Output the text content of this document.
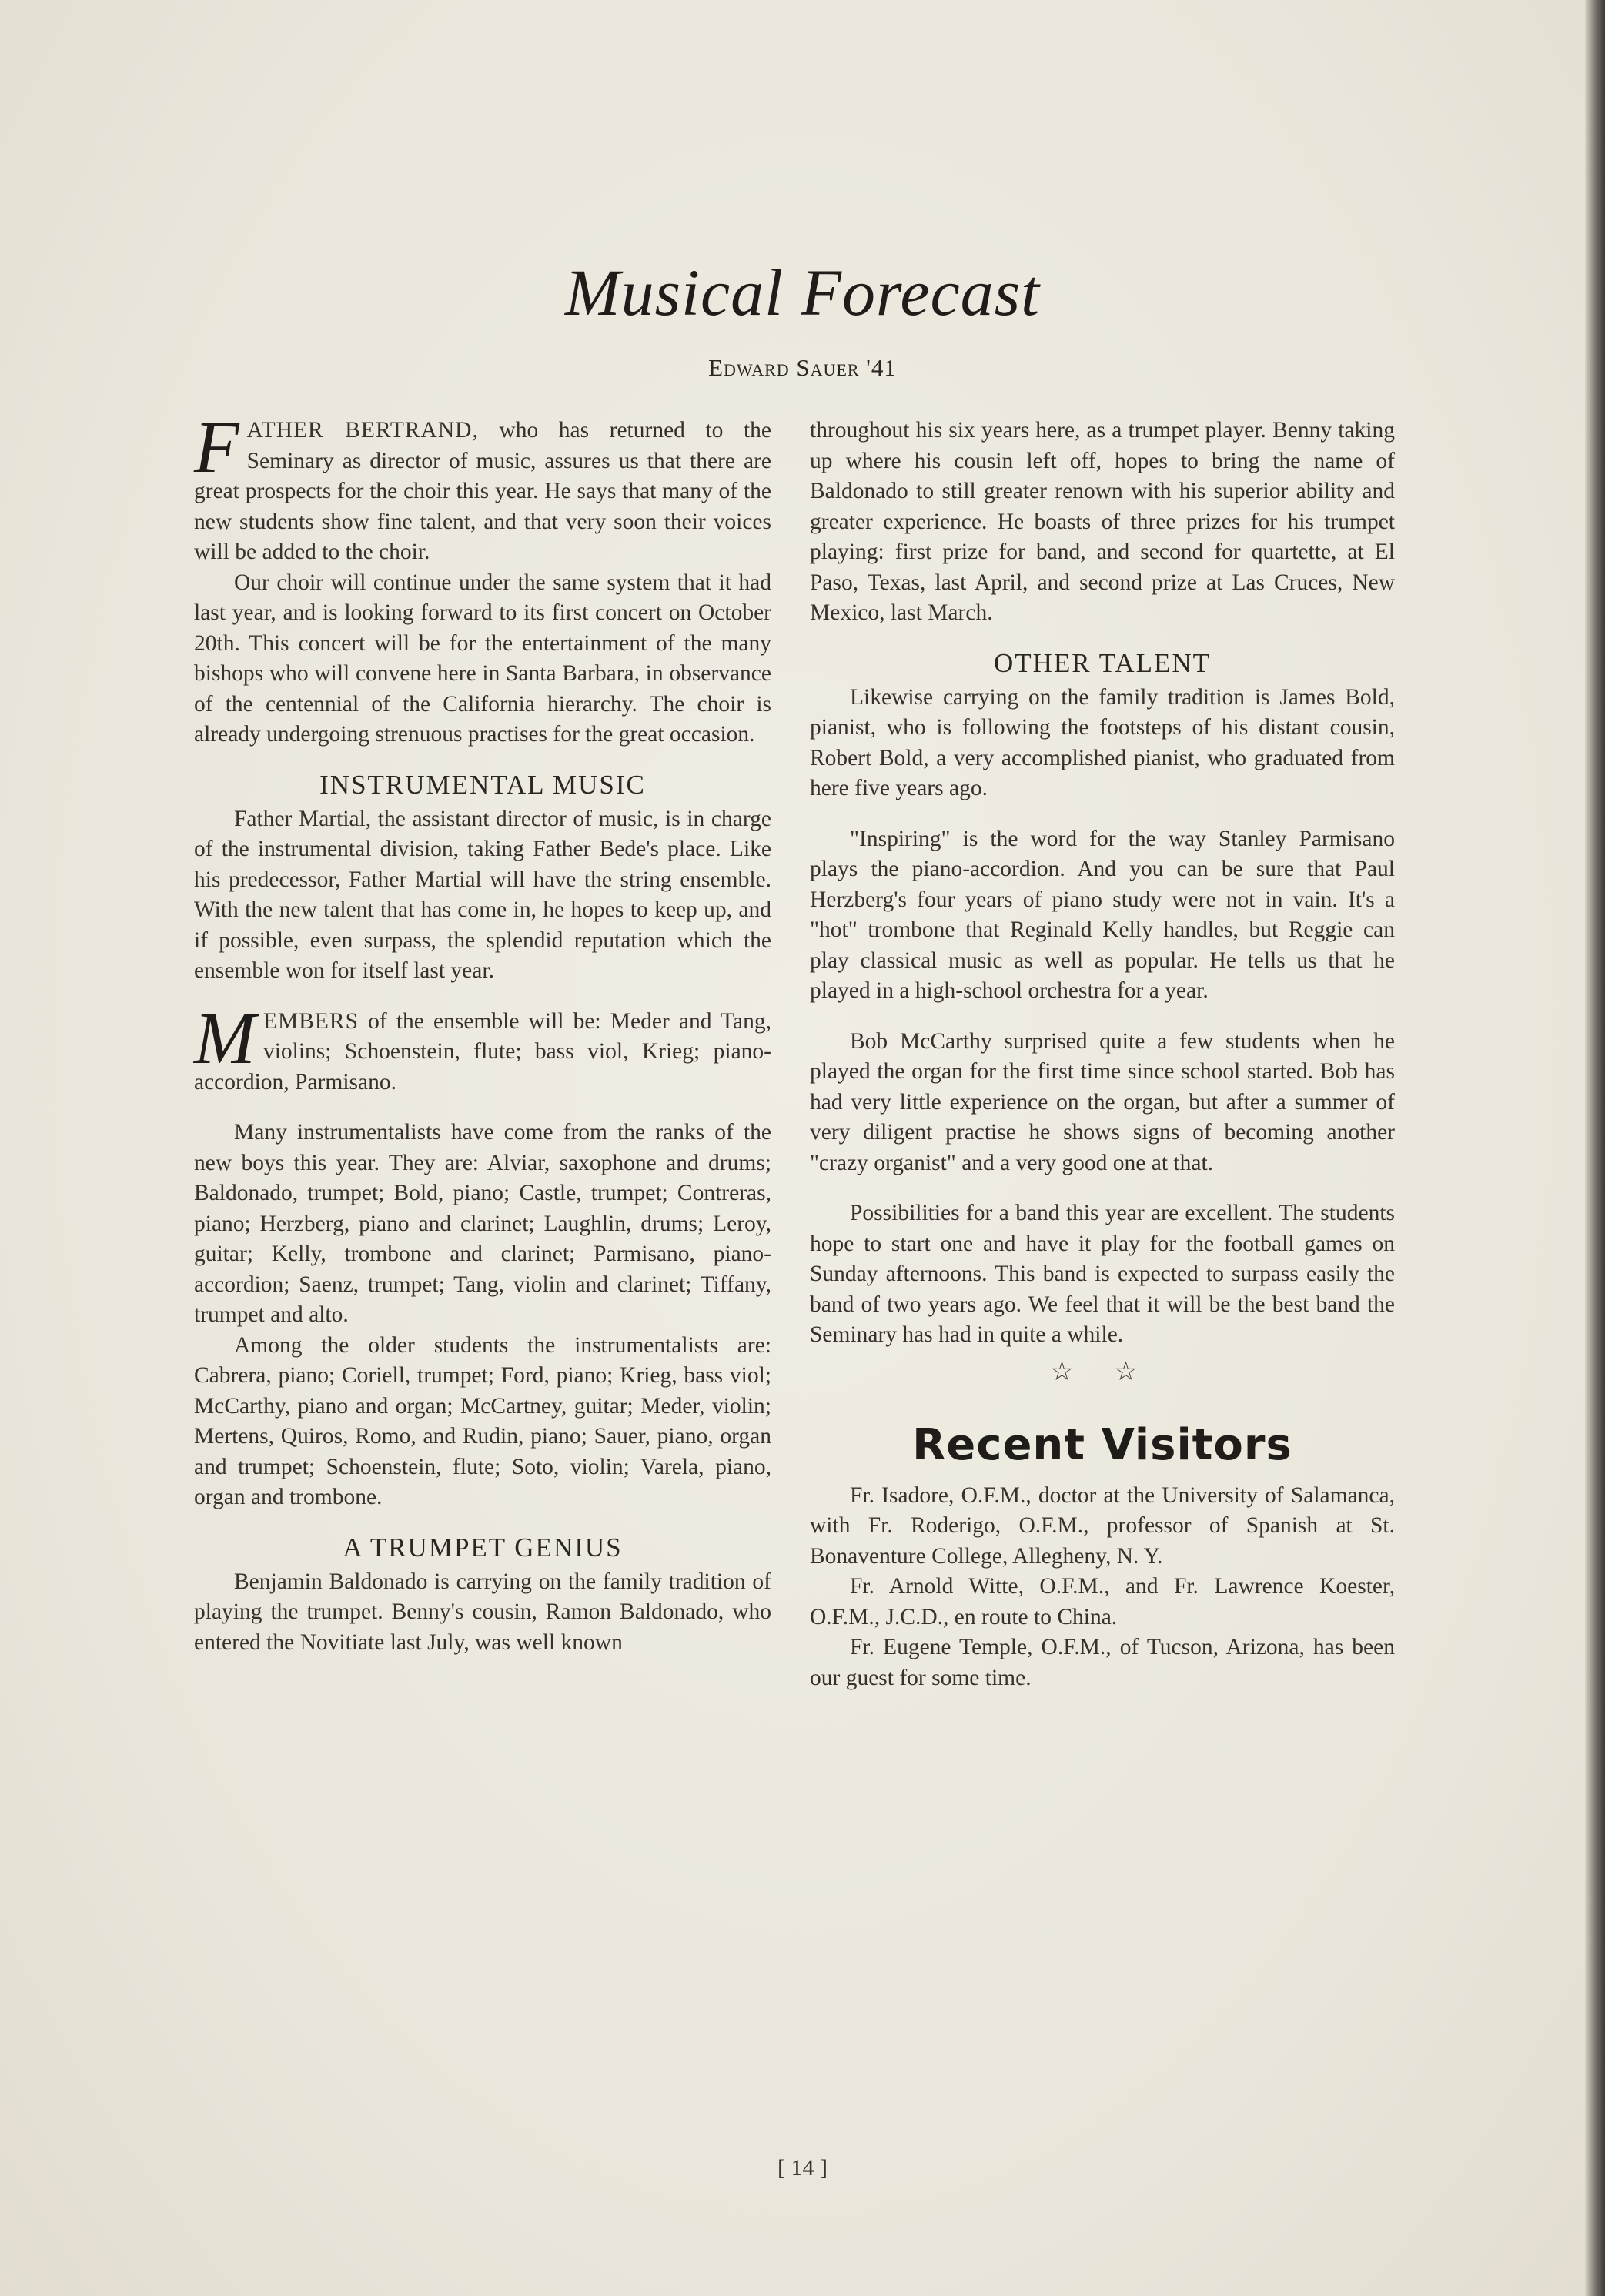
Musical Forecast
Edward Sauer '41

FATHER BERTRAND, who has returned to the Seminary as director of music, assures us that there are great prospects for the choir this year. He says that many of the new students show fine talent, and that very soon their voices will be added to the choir.

Our choir will continue under the same system that it had last year, and is looking forward to its first concert on October 20th. This concert will be for the entertainment of the many bishops who will convene here in Santa Barbara, in observance of the centennial of the California hierarchy. The choir is already undergoing strenuous practises for the great occasion.

INSTRUMENTAL MUSIC

Father Martial, the assistant director of music, is in charge of the instrumental division, taking Father Bede's place. Like his predecessor, Father Martial will have the string ensemble. With the new talent that has come in, he hopes to keep up, and if possible, even surpass, the splendid reputation which the ensemble won for itself last year.

MEMBERS of the ensemble will be: Meder and Tang, violins; Schoenstein, flute; bass viol, Krieg; piano-accordion, Parmisano.

Many instrumentalists have come from the ranks of the new boys this year. They are: Alviar, saxophone and drums; Baldonado, trumpet; Bold, piano; Castle, trumpet; Contreras, piano; Herzberg, piano and clarinet; Laughlin, drums; Leroy, guitar; Kelly, trombone and clarinet; Parmisano, piano-accordion; Saenz, trumpet; Tang, violin and clarinet; Tiffany, trumpet and alto.

Among the older students the instrumentalists are: Cabrera, piano; Coriell, trumpet; Ford, piano; Krieg, bass viol; McCarthy, piano and organ; McCartney, guitar; Meder, violin; Mertens, Quiros, Romo, and Rudin, piano; Sauer, piano, organ and trumpet; Schoenstein, flute; Soto, violin; Varela, piano, organ and trombone.

A TRUMPET GENIUS

Benjamin Baldonado is carrying on the family tradition of playing the trumpet. Benny's cousin, Ramon Baldonado, who entered the Novitiate last July, was well known

throughout his six years here, as a trumpet player. Benny taking up where his cousin left off, hopes to bring the name of Baldonado to still greater renown with his superior ability and greater experience. He boasts of three prizes for his trumpet playing: first prize for band, and second for quartette, at El Paso, Texas, last April, and second prize at Las Cruces, New Mexico, last March.

OTHER TALENT

Likewise carrying on the family tradition is James Bold, pianist, who is following the footsteps of his distant cousin, Robert Bold, a very accomplished pianist, who graduated from here five years ago.

"Inspiring" is the word for the way Stanley Parmisano plays the piano-accordion. And you can be sure that Paul Herzberg's four years of piano study were not in vain. It's a "hot" trombone that Reginald Kelly handles, but Reggie can play classical music as well as popular. He tells us that he played in a high-school orchestra for a year.

Bob McCarthy surprised quite a few students when he played the organ for the first time since school started. Bob has had very little experience on the organ, but after a summer of very diligent practise he shows signs of becoming another "crazy organist" and a very good one at that.

Possibilities for a band this year are excellent. The students hope to start one and have it play for the football games on Sunday afternoons. This band is expected to surpass easily the band of two years ago. We feel that it will be the best band the Seminary has had in quite a while.

☆ ☆
Recent Visitors

Fr. Isadore, O.F.M., doctor at the University of Salamanca, with Fr. Roderigo, O.F.M., professor of Spanish at St. Bonaventure College, Allegheny, N. Y.

Fr. Arnold Witte, O.F.M., and Fr. Lawrence Koester, O.F.M., J.C.D., en route to China.

Fr. Eugene Temple, O.F.M., of Tucson, Arizona, has been our guest for some time.

[ 14 ]
